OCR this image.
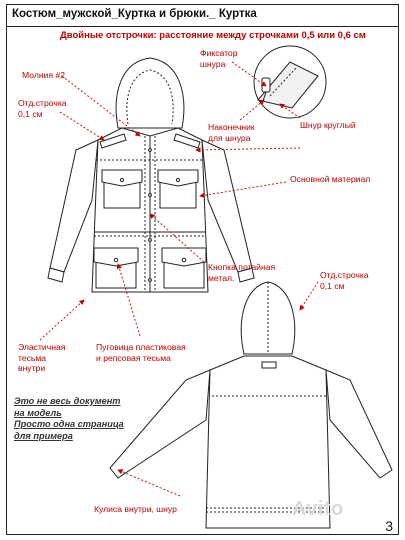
Костюм_мужской_Куртка и брюки._ Куртка
Двойные отстрочки: расстояние между строчками 0,5 или 0,6 см
Молния #2
Отд.строчка
0,1 см
Фиксатор
шнура
Наконечник
для шнура
Шнур круглый
Основной материал
Кнопка потайная
метал.	Отд.строчка
0,1 см
Эластичная
тесьма
внутри
Пуговица пластиковая
и репсовая тесьма
Кулиса внутри, шнур
Это не весь документ
на модель
Просто одна страница
для примера
Avito
3
